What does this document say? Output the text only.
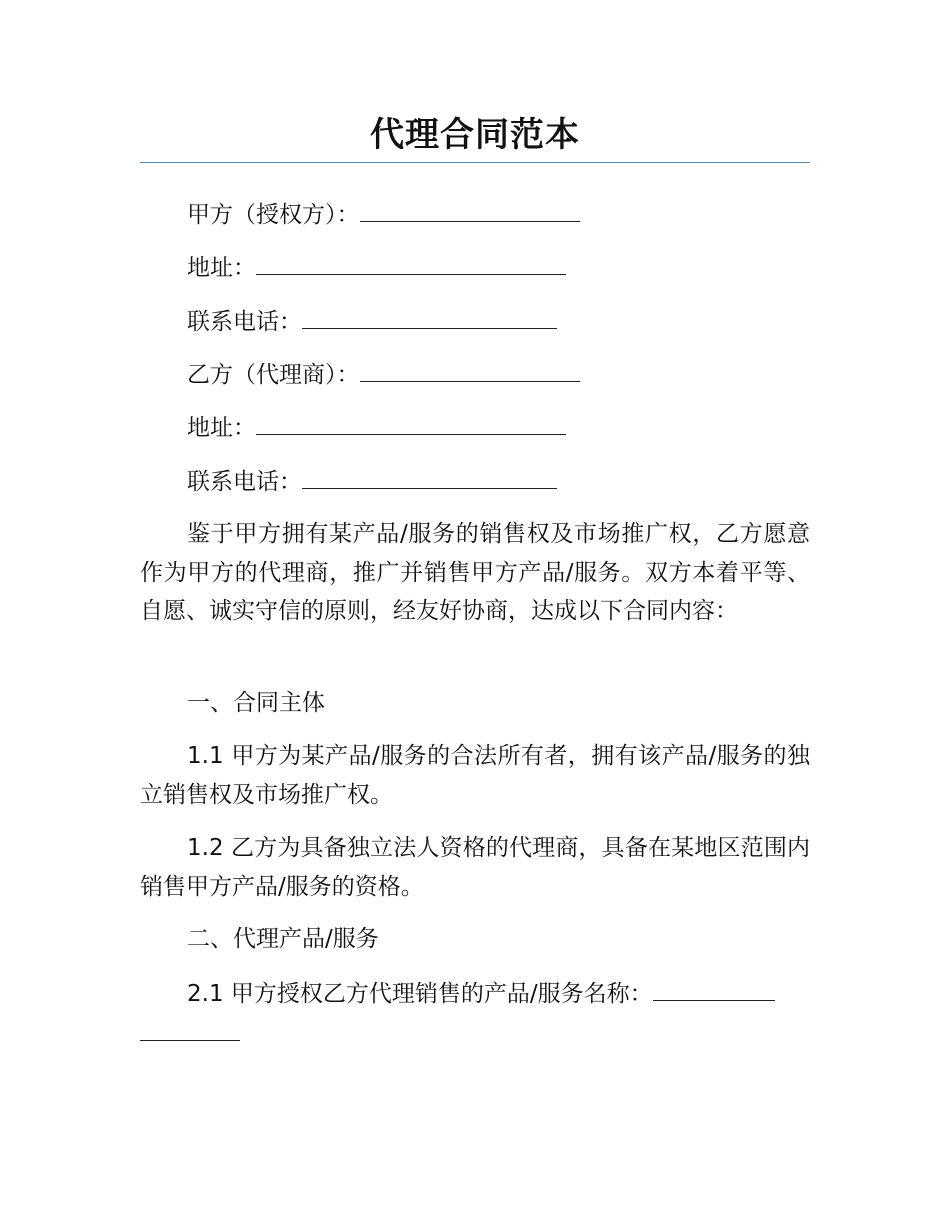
代理合同范本
甲方（授权方）：
地址：
联系电话：
乙方（代理商）：
地址：
联系电话：
鉴于甲方拥有某产品/服务的销售权及市场推广权，乙方愿意作为甲方的代理商，推广并销售甲方产品/服务。双方本着平等、自愿、诚实守信的原则，经友好协商，达成以下合同内容：
一、合同主体
1.1 甲方为某产品/服务的合法所有者，拥有该产品/服务的独立销售权及市场推广权。
1.2 乙方为具备独立法人资格的代理商，具备在某地区范围内销售甲方产品/服务的资格。
二、代理产品/服务
2.1 甲方授权乙方代理销售的产品/服务名称：
